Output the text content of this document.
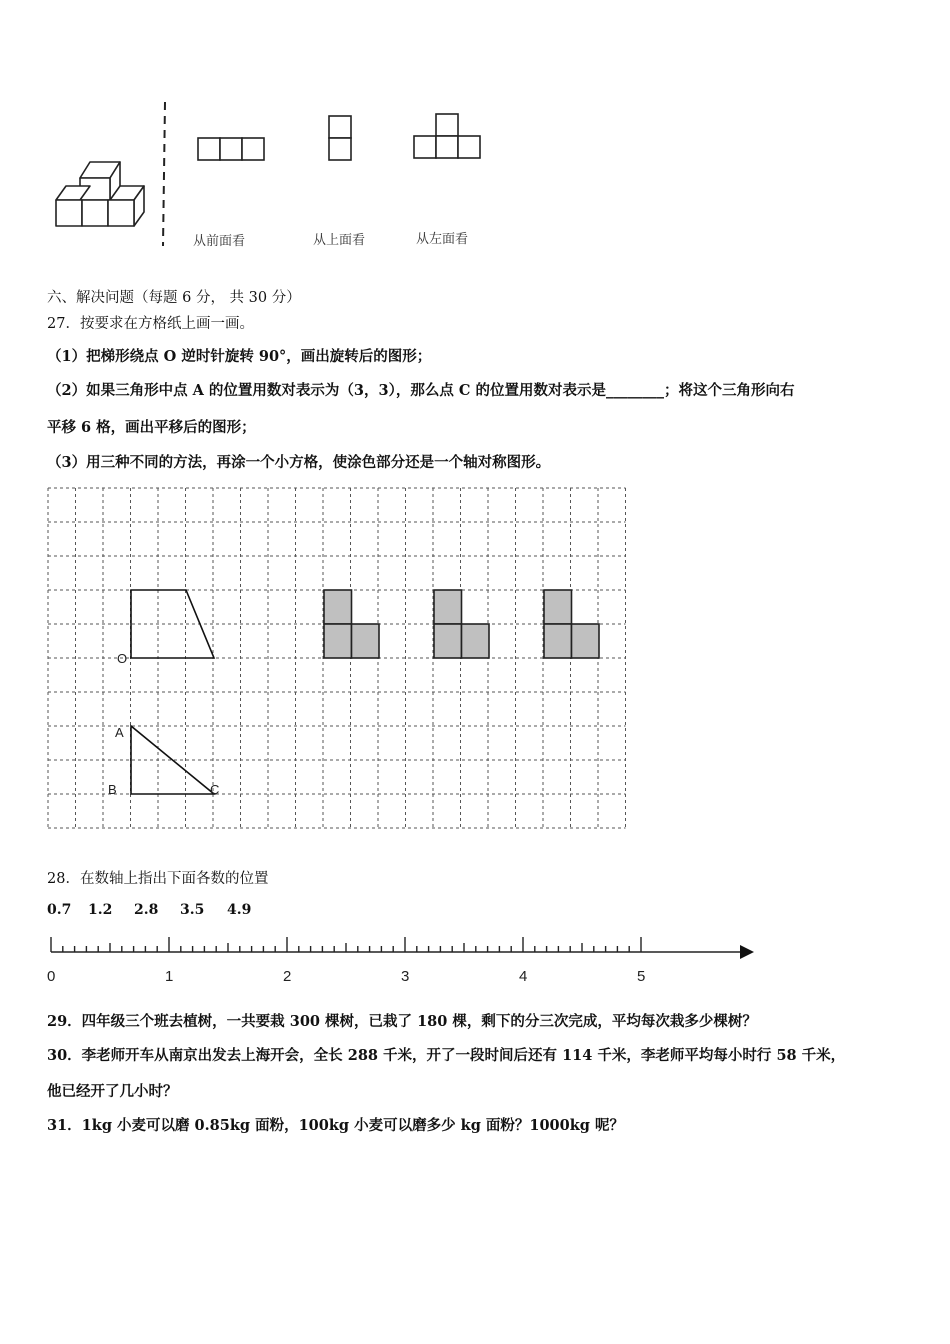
从前面看	从上面看	从左面看
六、解决问题（每题 6 分， 共 30 分）
27．按要求在方格纸上画一画。
（1）把梯形绕点 O 逆时针旋转 90°，画出旋转后的图形；
（2）如果三角形中点 A 的位置用数对表示为（3，3），那么点 C 的位置用数对表示是________；将这个三角形向右
平移 6 格，画出平移后的图形；
（3）用三种不同的方法，再涂一个小方格，使涂色部分还是一个轴对称图形。
O
A
B	C
28．在数轴上指出下面各数的位置
0.7 1.2 2.8 3.5 4.9
0	1	2	3	4	5
29．四年级三个班去植树，一共要栽 300 棵树，已栽了 180 棵，剩下的分三次完成，平均每次栽多少棵树？
30．李老师开车从南京出发去上海开会，全长 288 千米，开了一段时间后还有 114 千米，李老师平均每小时行 58 千米，
他已经开了几小时？
31．1kg 小麦可以磨 0.85kg 面粉，100kg 小麦可以磨多少 kg 面粉？1000kg 呢？
